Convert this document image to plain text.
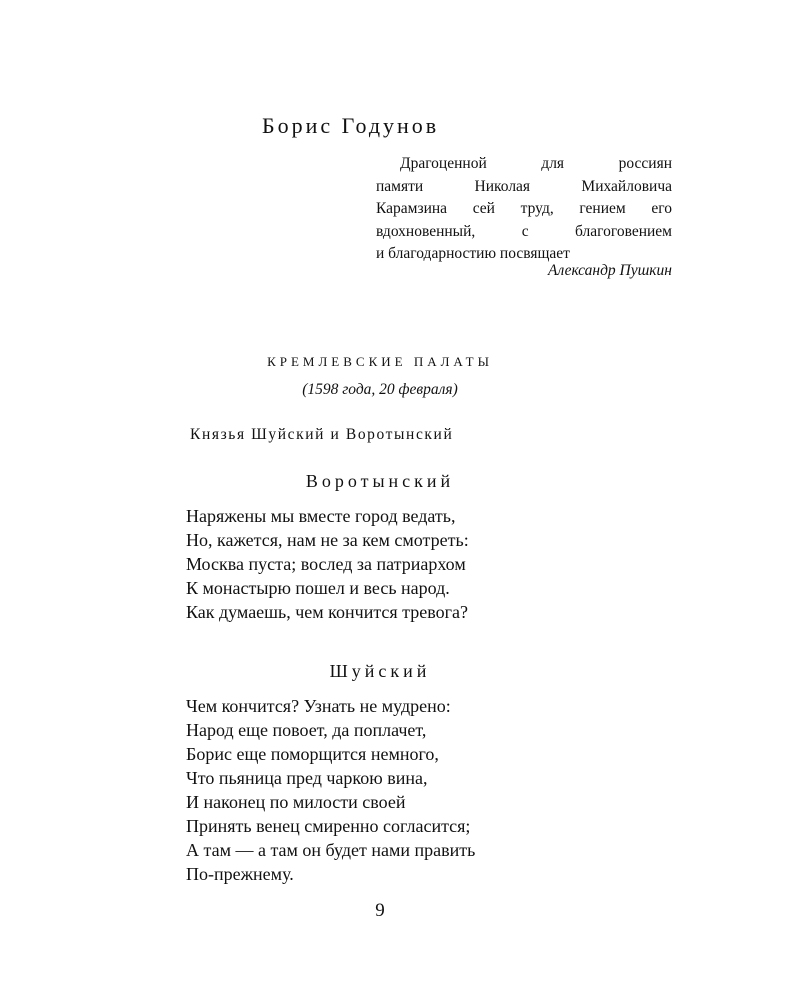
Борис Годунов
Драгоценной для россиян
памяти Николая Михайловича
Карамзина сей труд, гением его
вдохновенный, с благоговением
и благодарностию посвящает
Александр Пушкин
КРЕМЛЕВСКИЕ ПАЛАТЫ
(1598 года, 20 февраля)
Князья Шуйский и Воротынский
Воротынский
Наряжены мы вместе город ведать,
Но, кажется, нам не за кем смотреть:
Москва пуста; вослед за патриархом
К монастырю пошел и весь народ.
Как думаешь, чем кончится тревога?
Шуйский
Чем кончится? Узнать не мудрено:
Народ еще повоет, да поплачет,
Борис еще поморщится немного,
Что пьяница пред чаркою вина,
И наконец по милости своей
Принять венец смиренно согласится;
А там — а там он будет нами править
По-прежнему.
9
